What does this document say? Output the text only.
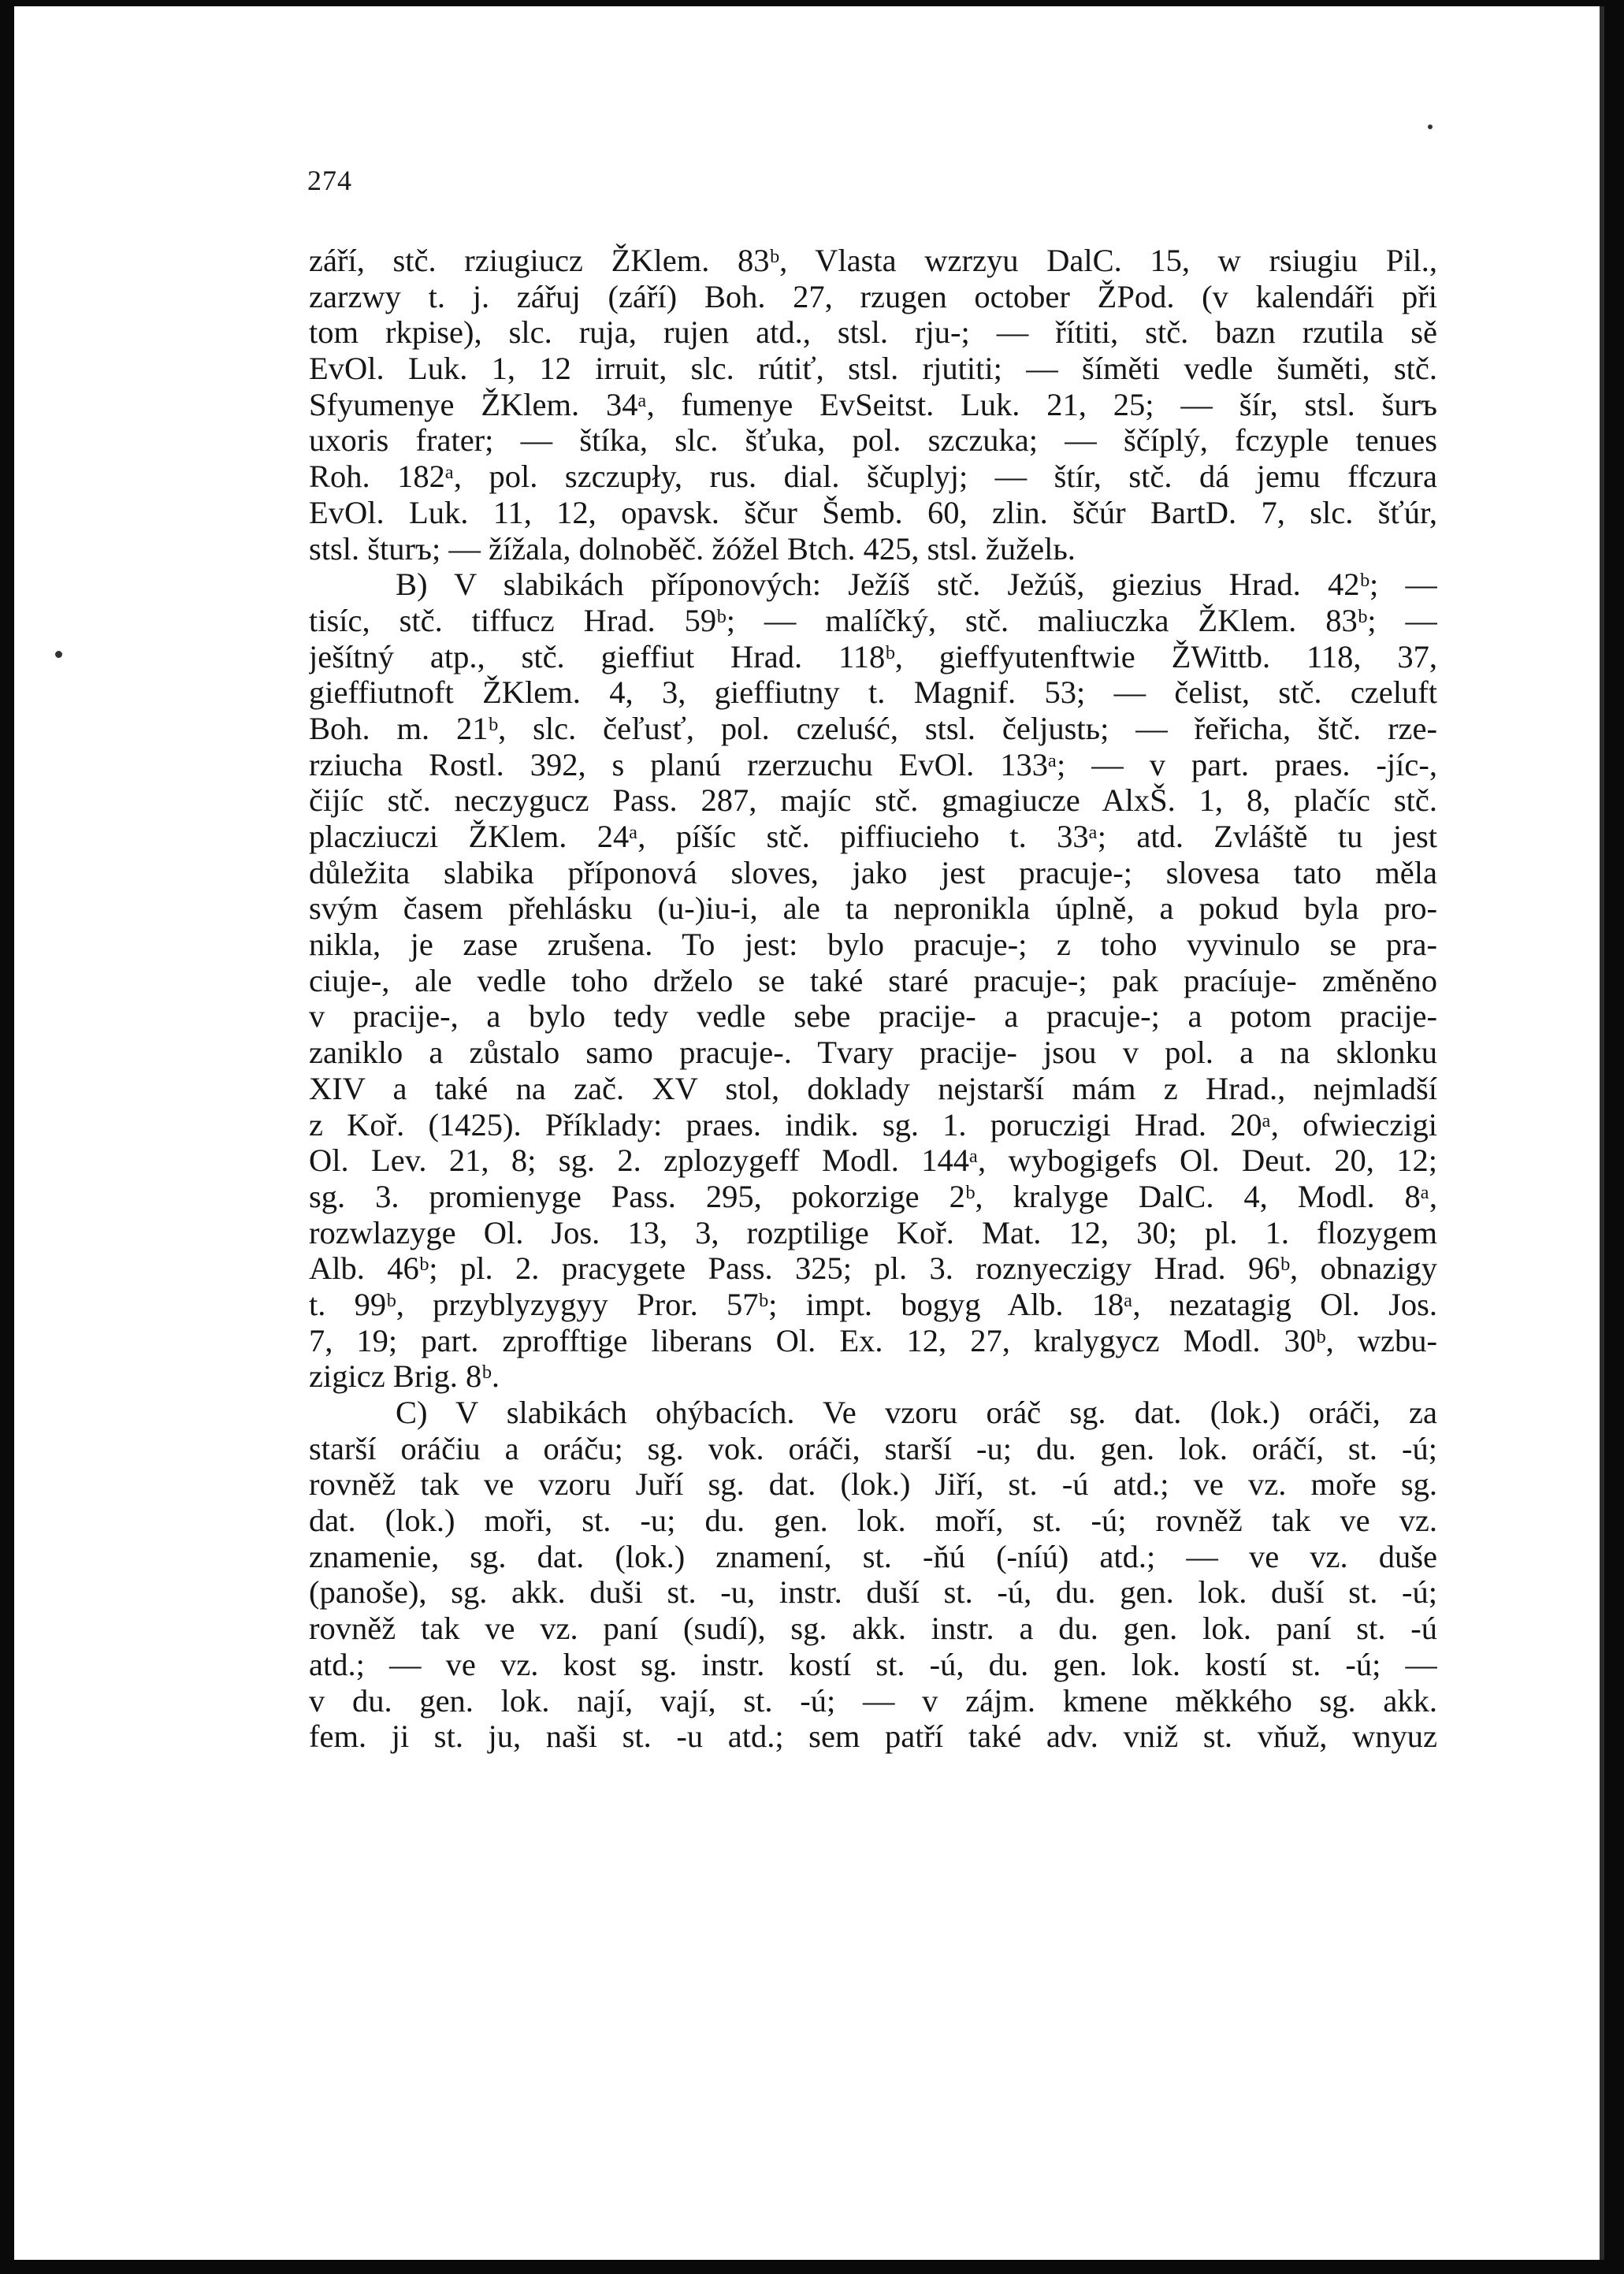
274
zář‍í, stč. rziugiucz ŽKlem. 83ᵇ, Vlasta wzrzyu DalC. 15, w rsiugiu Pil.,
zarzwy t. j. zářuj (září) Boh. 27, rzugen october ŽPod. (v kalendáři při
tom rkpise), slc. ruja, rujen atd., stsl. rju-; — řítiti, stč. bazn rzutila sě
EvOl. Luk. 1, 12 irruit, slc. rútiť, stsl. rjutiti; — šíměti vedle šuměti, stč.
Sfyumenye ŽKlem. 34ᵃ, fumenye EvSeitst. Luk. 21, 25; — šír, stsl. šurъ
uxoris frater; — štíka, slc. šťuka, pol. szczuka; — ščíplý, fczyple tenues
Roh. 182ᵃ, pol. szczupły, rus. dial. ščuplyj; — štír, stč. dá jemu ffczura
EvOl. Luk. 11, 12, opavsk. ščur Šemb. 60, zlin. ščúr BartD. 7, slc. šťúr,
stsl. šturъ; — žížala, dolnoběč. žóžel Btch. 425, stsl. žuželь.
B) V slabikách příponových: Ježíš stč. Ježúš, giezius Hrad. 42ᵇ; —
tisíc, stč. tiffucz Hrad. 59ᵇ; — malíčký, stč. maliuczka ŽKlem. 83ᵇ; —
ješítný atp., stč. gieffiut Hrad. 118ᵇ, gieffyutenftwie ŽWittb. 118, 37,
gieffiutnoft ŽKlem. 4, 3, gieffiutny t. Magnif. 53; — čelist, stč. czeluft
Boh. m. 21ᵇ, slc. čeľusť, pol. czeluść, stsl. čeljustь; — řeřicha, štč. rze-
rziucha Rostl. 392, s planú rzerzuchu EvOl. 133ᵃ; — v part. praes. -jíc-,
čijíc stč. neczygucz Pass. 287, majíc stč. gmagiucze AlxŠ. 1, 8, plačíc stč.
placziuczi ŽKlem. 24ᵃ, píšíc stč. piffiucieho t. 33ᵃ; atd. Zvláště tu jest
důležita slabika příponová sloves, jako jest pracuje-; slovesa tato měla
svým časem přehlásku (u-)iu-i, ale ta nepronikla úplně, a pokud byla pro-
nikla, je zase zrušena. To jest: bylo pracuje-; z toho vyvinulo se pra-
ciuje-, ale vedle toho drželo se také staré pracuje-; pak pracíuje- změněno
v pracije-, a bylo tedy vedle sebe pracije- a pracuje-; a potom pracije-
zaniklo a zůstalo samo pracuje-. Tvary pracije- jsou v pol. a na sklonku
XIV a také na zač. XV stol, doklady nejstarší mám z Hrad., nejmladší
z Koř. (1425). Příklady: praes. indik. sg. 1. poruczigi Hrad. 20ᵃ, ofwieczigi
Ol. Lev. 21, 8; sg. 2. zplozygeff Modl. 144ᵃ, wybogigefs Ol. Deut. 20, 12;
sg. 3. promienyge Pass. 295, pokorzige 2ᵇ, kralyge DalC. 4, Modl. 8ᵃ,
rozwlazyge Ol. Jos. 13, 3, rozptilige Koř. Mat. 12, 30; pl. 1. flozygem
Alb. 46ᵇ; pl. 2. pracygete Pass. 325; pl. 3. roznyeczigy Hrad. 96ᵇ, obnazigy
t. 99ᵇ, przyblyzygyy Pror. 57ᵇ; impt. bogyg Alb. 18ᵃ, nezatagig Ol. Jos.
7, 19; part. zprofftige liberans Ol. Ex. 12, 27, kralygycz Modl. 30ᵇ, wzbu-
zigicz Brig. 8ᵇ.
C) V slabikách ohýbacích. Ve vzoru oráč sg. dat. (lok.) oráči, za
starší oráčiu a oráču; sg. vok. oráči, starší -u; du. gen. lok. oráčí, st. -ú;
rovněž tak ve vzoru Juří sg. dat. (lok.) Jiří, st. -ú atd.; ve vz. moře sg.
dat. (lok.) moři, st. -u; du. gen. lok. moří, st. -ú; rovněž tak ve vz.
znamenie, sg. dat. (lok.) znamení, st. -ňú (-níú) atd.; — ve vz. duše
(panoše), sg. akk. duši st. -u, instr. duší st. -ú, du. gen. lok. duší st. -ú;
rovněž tak ve vz. paní (sudí), sg. akk. instr. a du. gen. lok. paní st. -ú
atd.; — ve vz. kost sg. instr. kostí st. -ú, du. gen. lok. kostí st. -ú; —
v du. gen. lok. nají, vají, st. -ú; — v zájm. kmene měkkého sg. akk.
fem. ji st. ju, naši st. -u atd.; sem patří také adv. vniž st. vňuž, wnyuz
